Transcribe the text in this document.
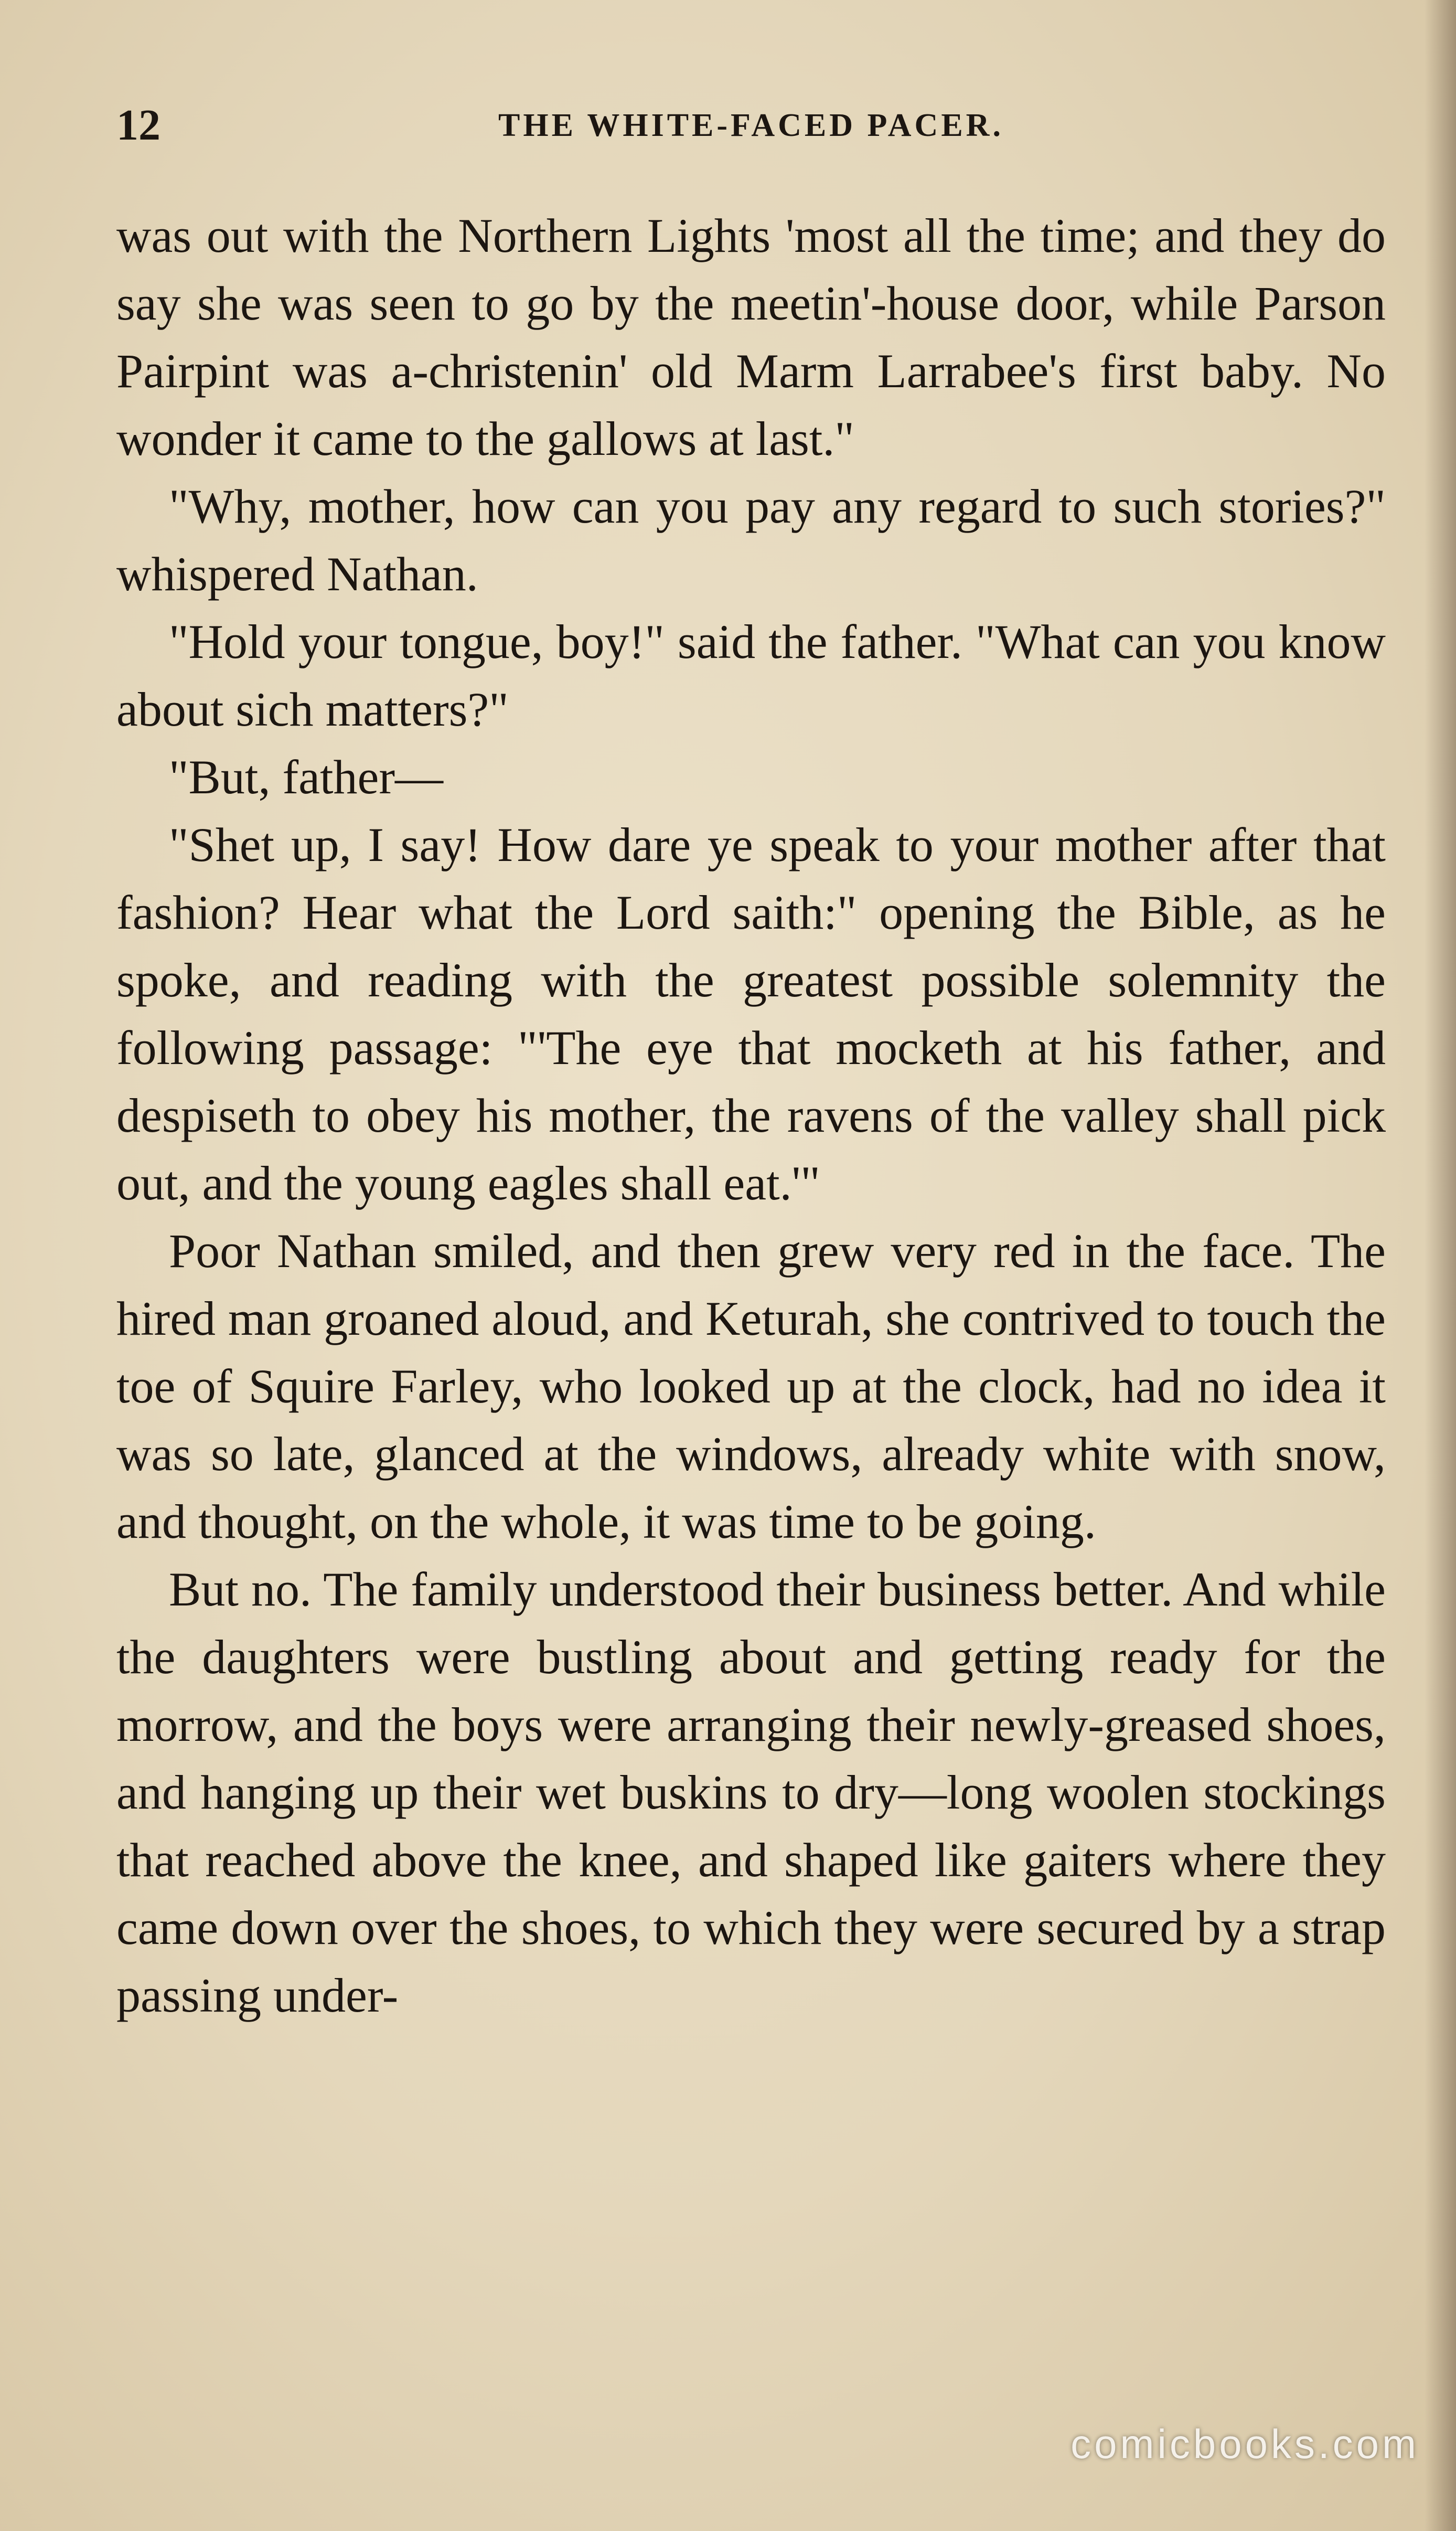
12	THE WHITE-FACED PACER.

was out with the Northern Lights 'most all the time; and they do say she was seen to go by the meetin'-house door, while Parson Pairpint was a-christenin' old Marm Larrabee's first baby. No wonder it came to the gallows at last."

"Why, mother, how can you pay any regard to such stories?" whispered Nathan.

"Hold your tongue, boy!" said the father. "What can you know about sich matters?"

"But, father—

"Shet up, I say! How dare ye speak to your mother after that fashion? Hear what the Lord saith:" opening the Bible, as he spoke, and reading with the greatest possible solemnity the following passage: "'The eye that mocketh at his father, and despiseth to obey his mother, the ravens of the valley shall pick out, and the young eagles shall eat.'"

Poor Nathan smiled, and then grew very red in the face. The hired man groaned aloud, and Keturah, she contrived to touch the toe of Squire Farley, who looked up at the clock, had no idea it was so late, glanced at the windows, already white with snow, and thought, on the whole, it was time to be going.

But no. The family understood their business better. And while the daughters were bustling about and getting ready for the morrow, and the boys were arranging their newly-greased shoes, and hanging up their wet buskins to dry—long woolen stockings that reached above the knee, and shaped like gaiters where they came down over the shoes, to which they were secured by a strap passing under-

comicbooks.com
